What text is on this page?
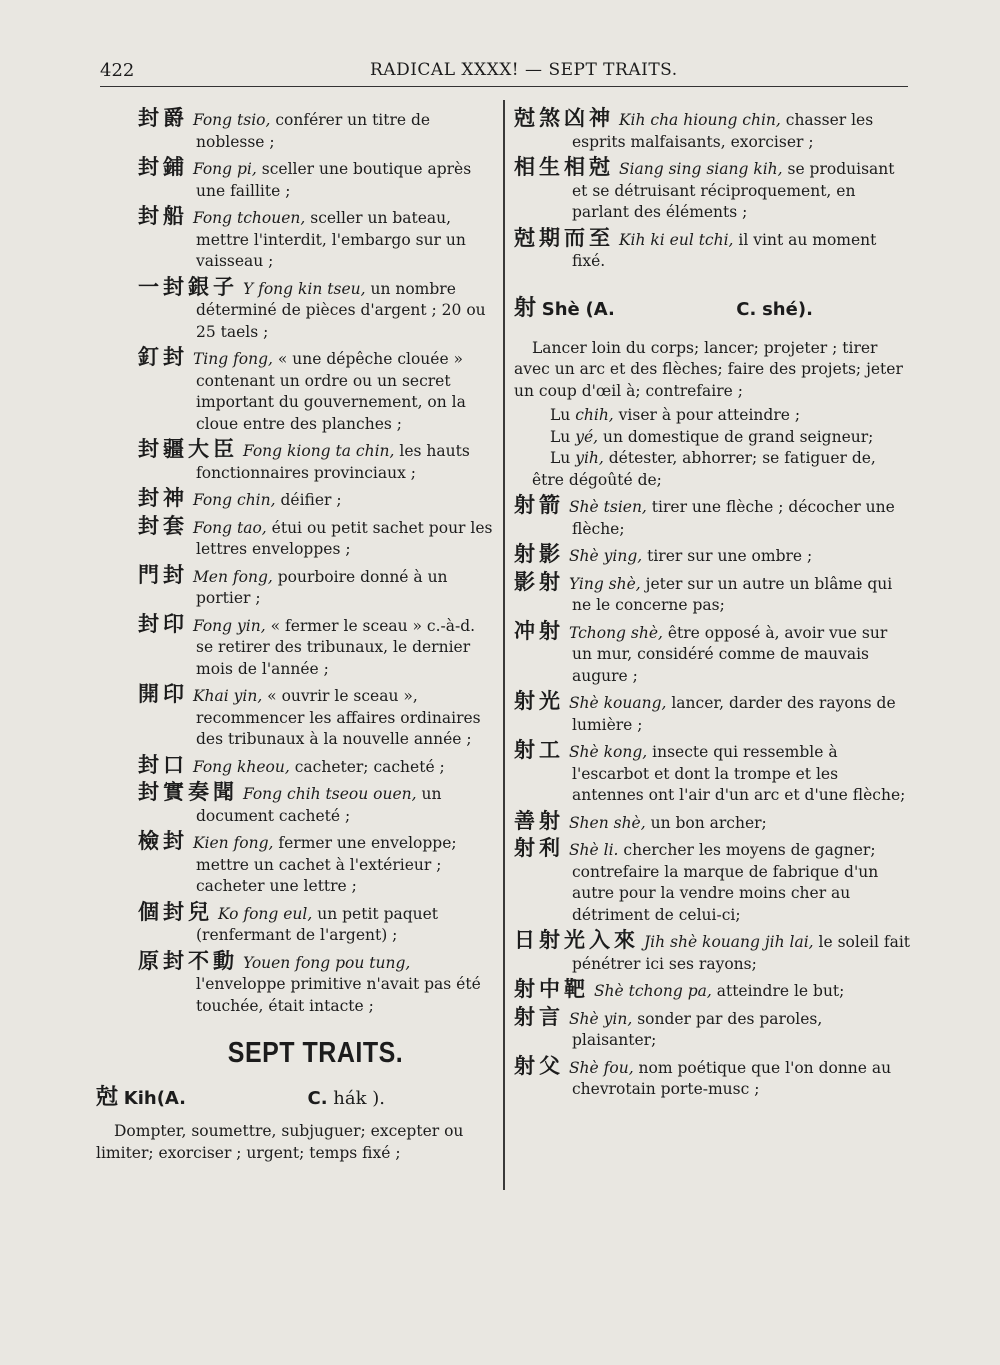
422	RADICAL XXXX! — SEPT TRAITS.
封爵 Fong tsio, conférer un titre de noblesse ;
封鋪 Fong pi, sceller une boutique après une faillite ;
封船 Fong tchouen, sceller un bateau, mettre l'interdit, l'embargo sur un vaisseau ;
一封銀子 Y fong kin tseu, un nombre déterminé de pièces d'argent ; 20 ou 25 taels ;
釘封 Ting fong, « une dépêche clouée » contenant un ordre ou un secret important du gouvernement, on la cloue entre des planches ;
封疆大臣 Fong kiong ta chin, les hauts fonctionnaires provinciaux ;
封神 Fong chin, déifier ;
封套 Fong tao, étui ou petit sachet pour les lettres enveloppes ;
門封 Men fong, pourboire donné à un portier ;
封印 Fong yin, « fermer le sceau » c.-à-d. se retirer des tribunaux, le dernier mois de l'année ;
開印 Khai yin, « ouvrir le sceau », recommencer les affaires ordinaires des tribunaux à la nouvelle année ;
封口 Fong kheou, cacheter; cacheté ;
封實奏聞 Fong chih tseou ouen, un document cacheté ;
檢封 Kien fong, fermer une enveloppe; mettre un cachet à l'extérieur ; cacheter une lettre ;
個封兒 Ko fong eul, un petit paquet (renfermant de l'argent) ;
原封不動 Youen fong pou tung, l'enveloppe primitive n'avait pas été touchée, était intacte ;
SEPT TRAITS.
尅 Kih(A.	C. hák ).
Dompter, soumettre, subjuguer; excepter ou limiter; exorciser ; urgent; temps fixé ;
尅煞凶神 Kih cha hioung chin, chasser les esprits malfaisants, exorciser ;
相生相尅 Siang sing siang kih, se produisant et se détruisant réciproquement, en parlant des éléments ;
尅期而至 Kih ki eul tchi, il vint au moment fixé.
射 Shè (A.	C. shé).
Lancer loin du corps; lancer; projeter ; tirer avec un arc et des flèches; faire des projets; jeter un coup d'œil à; contrefaire ;
Lu chih, viser à pour atteindre ;
Lu yé, un domestique de grand seigneur;
Lu yih, détester, abhorrer; se fatiguer de, être dégoûté de;
射箭 Shè tsien, tirer une flèche ; décocher une flèche;
射影 Shè ying, tirer sur une ombre ;
影射 Ying shè, jeter sur un autre un blâme qui ne le concerne pas;
冲射 Tchong shè, être opposé à, avoir vue sur un mur, considéré comme de mauvais augure ;
射光 Shè kouang, lancer, darder des rayons de lumière ;
射工 Shè kong, insecte qui ressemble à l'escarbot et dont la trompe et les antennes ont l'air d'un arc et d'une flèche;
善射 Shen shè, un bon archer;
射利 Shè li. chercher les moyens de gagner; contrefaire la marque de fabrique d'un autre pour la vendre moins cher au détriment de celui-ci;
日射光入來 Jih shè kouang jih lai, le soleil fait pénétrer ici ses rayons;
射中靶 Shè tchong pa, atteindre le but;
射言 Shè yin, sonder par des paroles, plaisanter;
射父 Shè fou, nom poétique que l'on donne au chevrotain porte-musc ;
